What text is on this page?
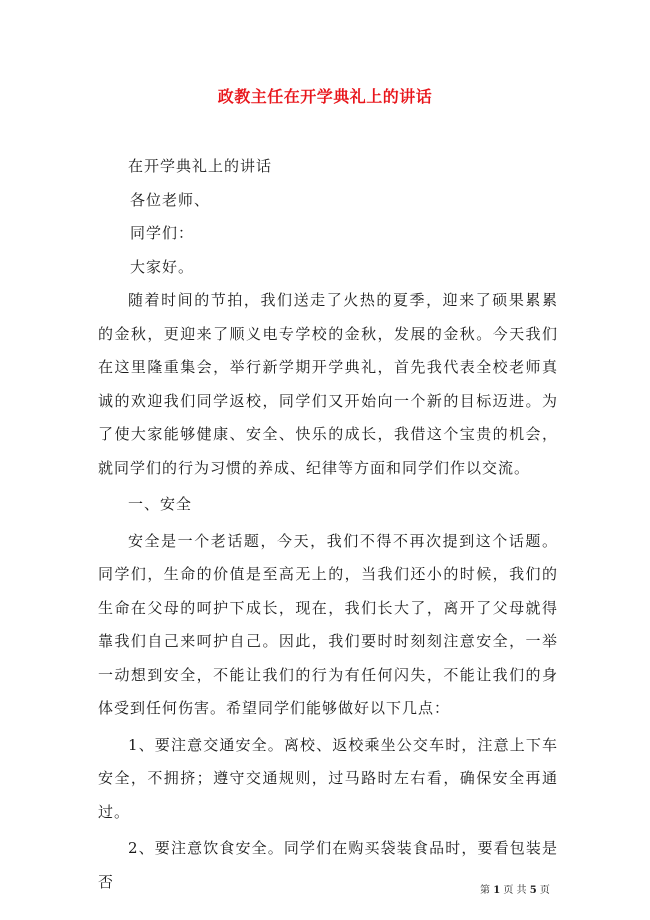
政教主任在开学典礼上的讲话

在开学典礼上的讲话

各位老师、

同学们：

大家好。

随着时间的节拍，我们送走了火热的夏季，迎来了硕果累累的金秋，更迎来了顺义电专学校的金秋，发展的金秋。今天我们在这里隆重集会，举行新学期开学典礼，首先我代表全校老师真诚的欢迎我们同学返校，同学们又开始向一个新的目标迈进。为了使大家能够健康、安全、快乐的成长，我借这个宝贵的机会，就同学们的行为习惯的养成、纪律等方面和同学们作以交流。

一、安全

安全是一个老话题，今天，我们不得不再次提到这个话题。同学们，生命的价值是至高无上的，当我们还小的时候，我们的生命在父母的呵护下成长，现在，我们长大了，离开了父母就得靠我们自己来呵护自己。因此，我们要时时刻刻注意安全，一举一动想到安全，不能让我们的行为有任何闪失，不能让我们的身体受到任何伤害。希望同学们能够做好以下几点：

1、要注意交通安全。离校、返校乘坐公交车时，注意上下车安全，不拥挤；遵守交通规则，过马路时左右看，确保安全再通过。

2、要注意饮食安全。同学们在购买袋装食品时，要看包装是否	第 1 页 共 5 页
